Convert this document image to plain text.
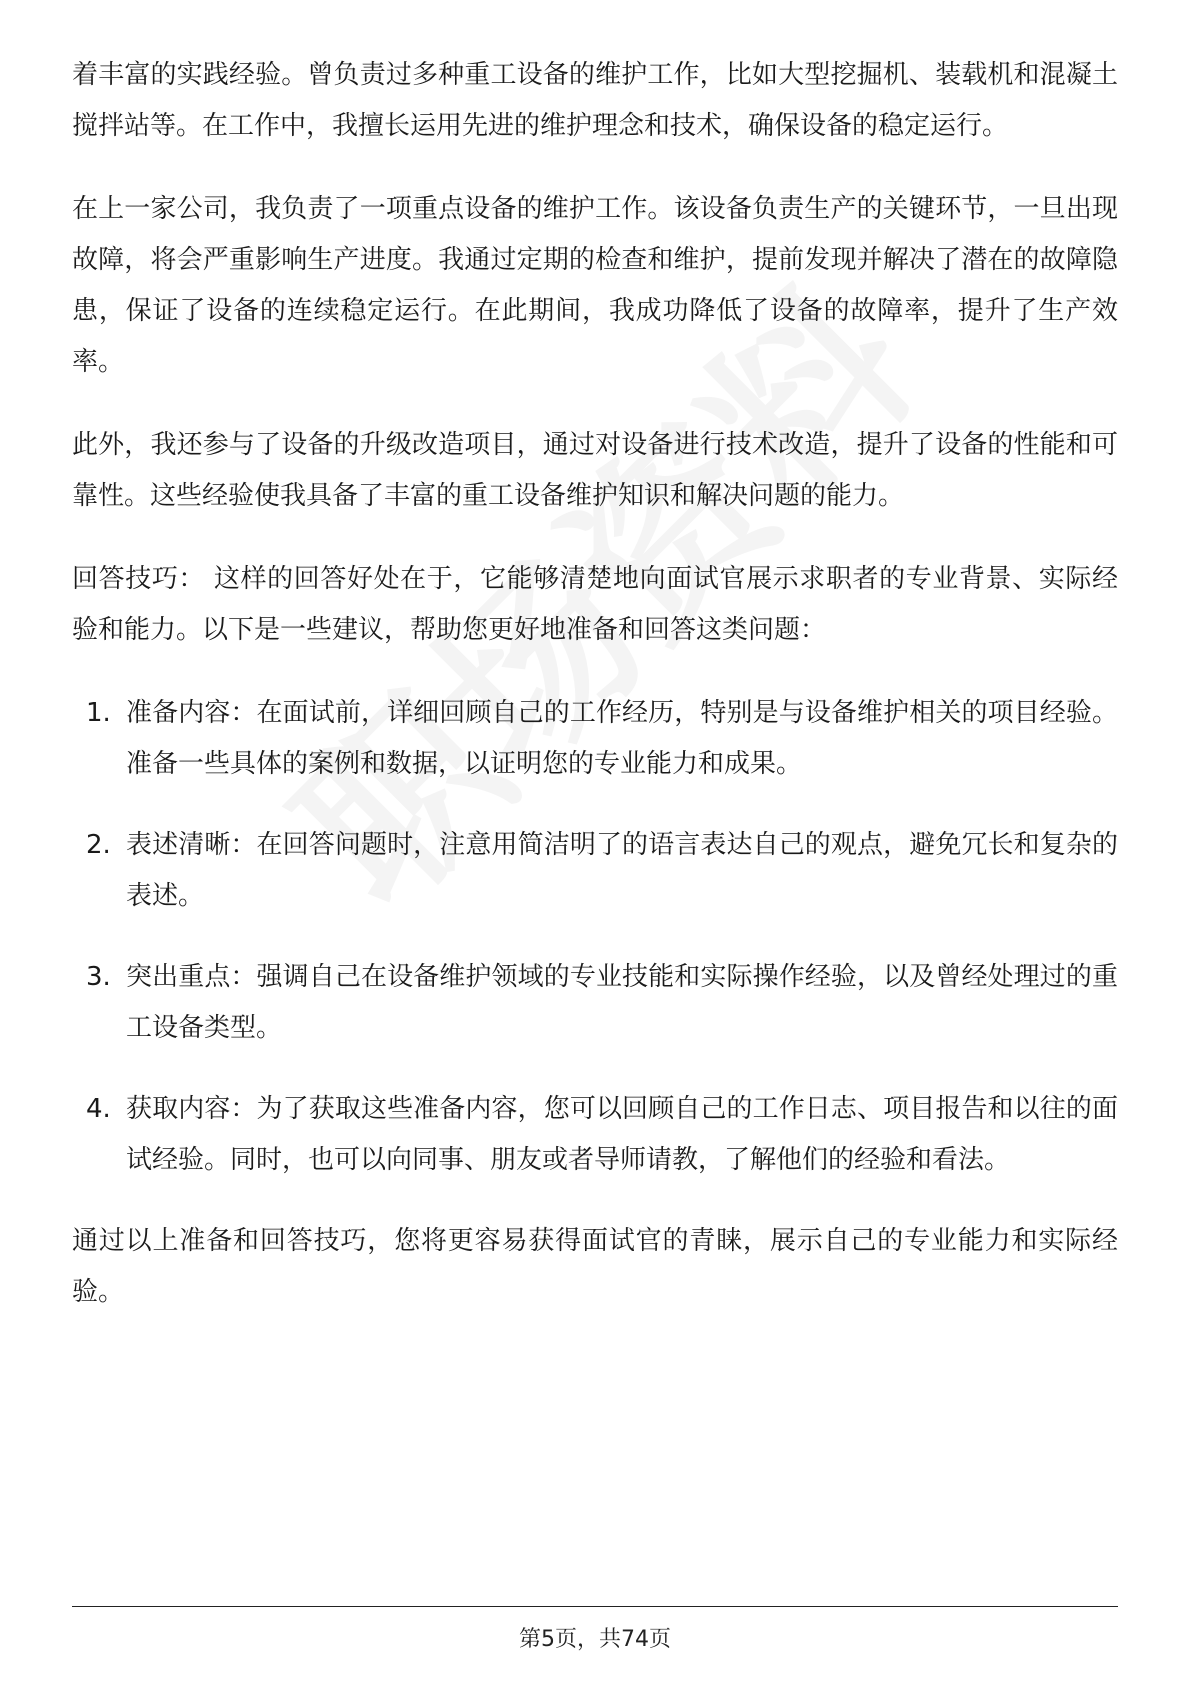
着丰富的实践经验。曾负责过多种重工设备的维护工作，比如大型挖掘机、装载机和混凝土搅拌站等。在工作中，我擅长运用先进的维护理念和技术，确保设备的稳定运行。

在上一家公司，我负责了一项重点设备的维护工作。该设备负责生产的关键环节，一旦出现故障，将会严重影响生产进度。我通过定期的检查和维护，提前发现并解决了潜在的故障隐患，保证了设备的连续稳定运行。在此期间，我成功降低了设备的故障率，提升了生产效率。

此外，我还参与了设备的升级改造项目，通过对设备进行技术改造，提升了设备的性能和可靠性。这些经验使我具备了丰富的重工设备维护知识和解决问题的能力。

回答技巧： 这样的回答好处在于，它能够清楚地向面试官展示求职者的专业背景、实际经验和能力。以下是一些建议，帮助您更好地准备和回答这类问题：

1. 准备内容：在面试前，详细回顾自己的工作经历，特别是与设备维护相关的项目经验。准备一些具体的案例和数据，以证明您的专业能力和成果。
2. 表述清晰：在回答问题时，注意用简洁明了的语言表达自己的观点，避免冗长和复杂的表述。
3. 突出重点：强调自己在设备维护领域的专业技能和实际操作经验，以及曾经处理过的重工设备类型。
4. 获取内容：为了获取这些准备内容，您可以回顾自己的工作日志、项目报告和以往的面试经验。同时，也可以向同事、朋友或者导师请教，了解他们的经验和看法。

通过以上准备和回答技巧，您将更容易获得面试官的青睐，展示自己的专业能力和实际经验。

第5页，共74页
